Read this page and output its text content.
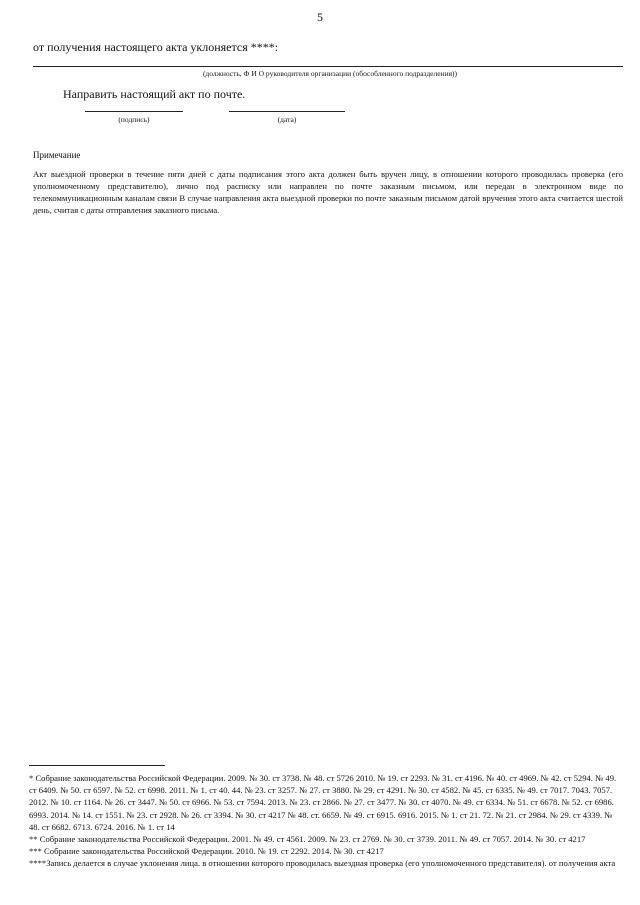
5
от получения настоящего акта уклоняется ****:
(должность, Ф И О руководителя организации (обособленного подразделения))
Направить настоящий акт по почте.
(подпись)	(дата)
Примечание
Акт выездной проверки в течение пяти дней с даты подписания этого акта должен быть вручен лицу, в отношении которого проводилась проверка (его уполномоченному представителю), лично под расписку или направлен по почте заказным письмом, или передан в электронном виде по телекоммуникационным каналам связи В случае направления акта выездной проверки по почте заказным письмом датой вручения этого акта считается шестой день, считая с даты отправления заказного письма.

* Собрание законодательства Российской Федерации. 2009. № 30. ст 3738. № 48. ст 5726 2010. № 19. ст 2293. № 31. ст 4196. № 40. ст 4969. № 42. ст 5294. № 49. ст 6409. № 50. ст 6597. № 52. ст 6998. 2011. № 1. ст 40. 44. № 23. ст 3257. № 27. ст 3880. № 29. ст 4291. № 30. ст 4582. № 45. ст 6335. № 49. ст 7017. 7043. 7057. 2012. № 10. ст 1164. № 26. ст 3447. № 50. ст 6966. № 53. ст 7594. 2013. № 23. ст 2866. № 27. ст 3477. № 30. ст 4070. № 49. ст 6334. № 51. ст 6678. № 52. ст 6986. 6993. 2014. № 14. ст 1551. № 23. ст 2928. № 26. ст 3394. № 30. ст 4217 № 48. ст. 6659. № 49. ст 6915. 6916. 2015. № 1. ст 21. 72. № 21. ст 2984. № 29. ст 4339. № 48. ст 6682. 6713. 6724. 2016. № 1. ст 14

** Собрание законодательства Российской Федерации. 2001. № 49. ст 4561. 2009. № 23. ст 2769. № 30. ст 3739. 2011. № 49. ст 7057. 2014. № 30. ст 4217

*** Собрание законодательства Российской Федерации. 2010. № 19. ст 2292. 2014. № 30. ст 4217

****Запись делается в случае уклонения лица. в отношении которого проводилась выездная проверка (его уполномоченного представителя). от получения акта
